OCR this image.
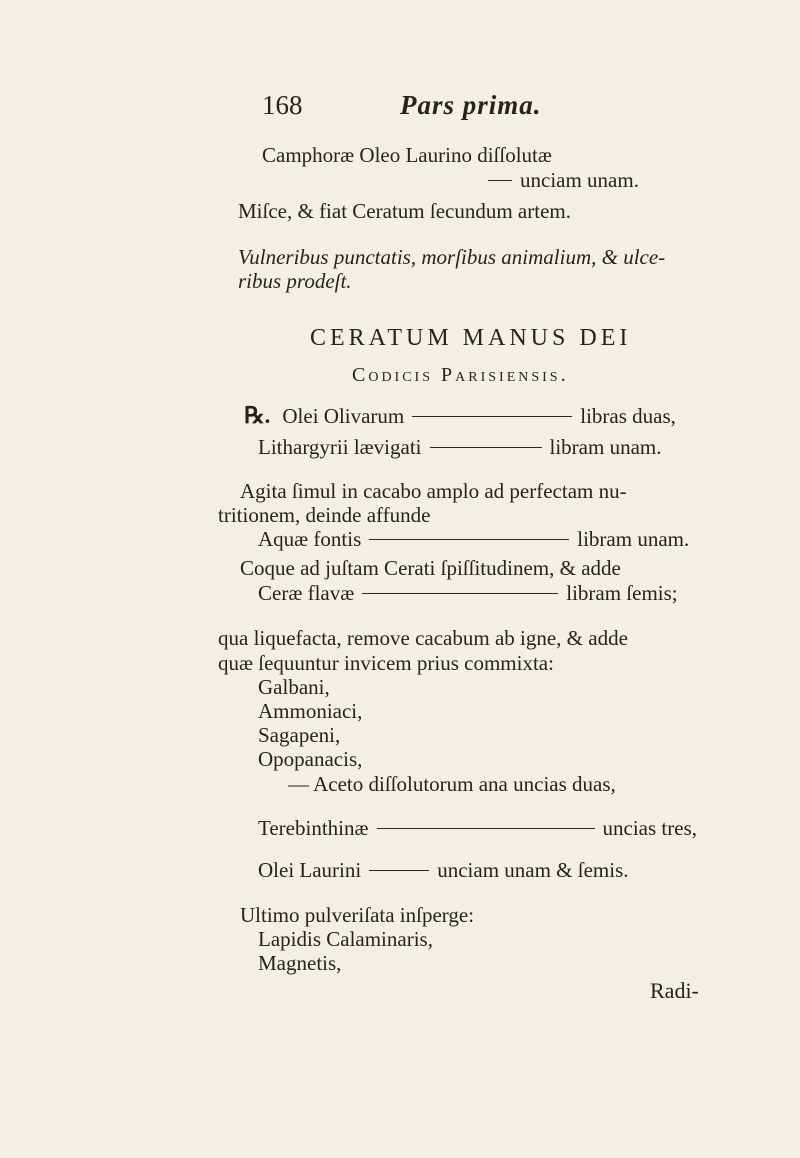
168	Pars prima.
Camphoræ Oleo Laurino diſſolutæ
unciam unam.
Miſce, & fiat Ceratum ſecundum artem.
Vulneribus punctatis, morſibus animalium, & ulce-
ribus prodeſt.
CERATUM MANUS DEI
Codicis Parisiensis.
℞. Olei Olivarum	libras duas,
Lithargyrii lævigati	libram unam.
Agita ſimul in cacabo amplo ad perfectam nu-
tritionem, deinde affunde
Aquæ fontis	libram unam.
Coque ad juſtam Cerati ſpiſſitudinem, & adde
Ceræ flavæ	libram ſemis;
qua liquefacta, remove cacabum ab igne, & adde
quæ ſequuntur invicem prius commixta:
Galbani,
Ammoniaci,
Sagapeni,
Opopanacis,
— Aceto diſſolutorum ana uncias duas,
Terebinthinæ	uncias tres,
Olei Laurini	unciam unam & ſemis.
Ultimo pulveriſata inſperge:
Lapidis Calaminaris,
Magnetis,
Radi-
